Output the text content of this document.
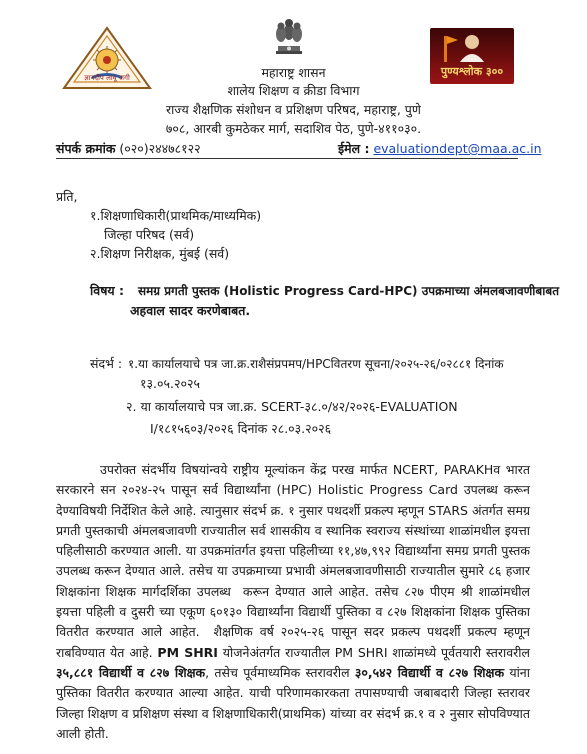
ज्ञानदीप लावू जगी	पुण्यश्लोक ३००
महाराष्ट्र शासन
शालेय शिक्षण व क्रीडा विभाग
राज्य शैक्षणिक संशोधन व प्रशिक्षण परिषद, महाराष्ट्र, पुणे
७०८, आरबी कुमठेकर मार्ग, सदाशिव पेठ, पुणे-४११०३०.
संपर्क क्रमांक (०२०)२४४७८१२२	ईमेल : evaluationdept@maa.ac.in
प्रति,
१.शिक्षणाधिकारी(प्राथमिक/माध्यमिक)
जिल्हा परिषद (सर्व)
२.शिक्षण निरीक्षक, मुंबई (सर्व)
विषय : समग्र प्रगती पुस्तक (Holistic Progress Card-HPC) उपक्रमाच्या अंमलबजावणीबाबत
अहवाल सादर करणेबाबत.
संदर्भ : १.या कार्यालयाचे पत्र जा.क्र.राशैसंप्रपमप/HPCवितरण सूचना/२०२५-२६/०२८८१ दिनांक
१३.०५.२०२५
२. या कार्यालयाचे पत्र जा.क्र. SCERT-३८.०/४२/२०२६-EVALUATION
I/१८१५६०३/२०२६ दिनांक २८.०३.२०२६

उपरोक्त संदर्भीय विषयांन्वये राष्ट्रीय मूल्यांकन केंद्र परख मार्फत NCERT, PARAKHव भारत सरकारने सन २०२४-२५ पासून सर्व विद्यार्थ्यांना (HPC) Holistic Progress Card उपलब्ध करून देण्याविषयी निर्देशित केले आहे. त्यानुसार संदर्भ क्र. १ नुसार पथदर्शी प्रकल्प म्हणून STARS अंतर्गत समग्र प्रगती पुस्तकाची अंमलबजावणी राज्यातील सर्व शासकीय व स्थानिक स्वराज्य संस्थांच्या शाळांमधील इयत्ता पहिलीसाठी करण्यात आली. या उपक्रमांतर्गत इयत्ता पहिलीच्या ११,४७,९९२ विद्यार्थ्यांना समग्र प्रगती पुस्तक उपलब्ध करून देण्यात आले. तसेच या उपक्रमाच्या प्रभावी अंमलबजावणीसाठी राज्यातील सुमारे ८६ हजार शिक्षकांना शिक्षक मार्गदर्शिका उपलब्ध  करून देण्यात आले आहेत. तसेच ८२७ पीएम श्री शाळांमधील इयत्ता पहिली व दुसरी च्या एकूण ६०१३० विद्यार्थ्यांना विद्यार्थी पुस्तिका व ८२७ शिक्षकांना शिक्षक पुस्तिका वितरीत करण्यात आले आहेत.  शैक्षणिक वर्ष २०२५-२६ पासून सदर प्रकल्प पथदर्शी प्रकल्प म्हणून राबविण्यात येत आहे. PM SHRI योजनेअंतर्गत राज्यातील PM SHRI शाळांमध्ये पूर्वतयारी स्तरावरील ३५,८८१ विद्यार्थी व ८२७ शिक्षक, तसेच पूर्वमाध्यमिक स्तरावरील ३०,५४२ विद्यार्थी व ८२७ शिक्षक यांना पुस्तिका वितरीत करण्यात आल्या आहेत. याची परिणामकारकता तपासण्याची जबाबदारी जिल्हा स्तरावर जिल्हा शिक्षण व प्रशिक्षण संस्था व शिक्षणाधिकारी(प्राथमिक) यांच्या वर संदर्भ क्र.१ व २ नुसार सोपविण्यात आली होती.
